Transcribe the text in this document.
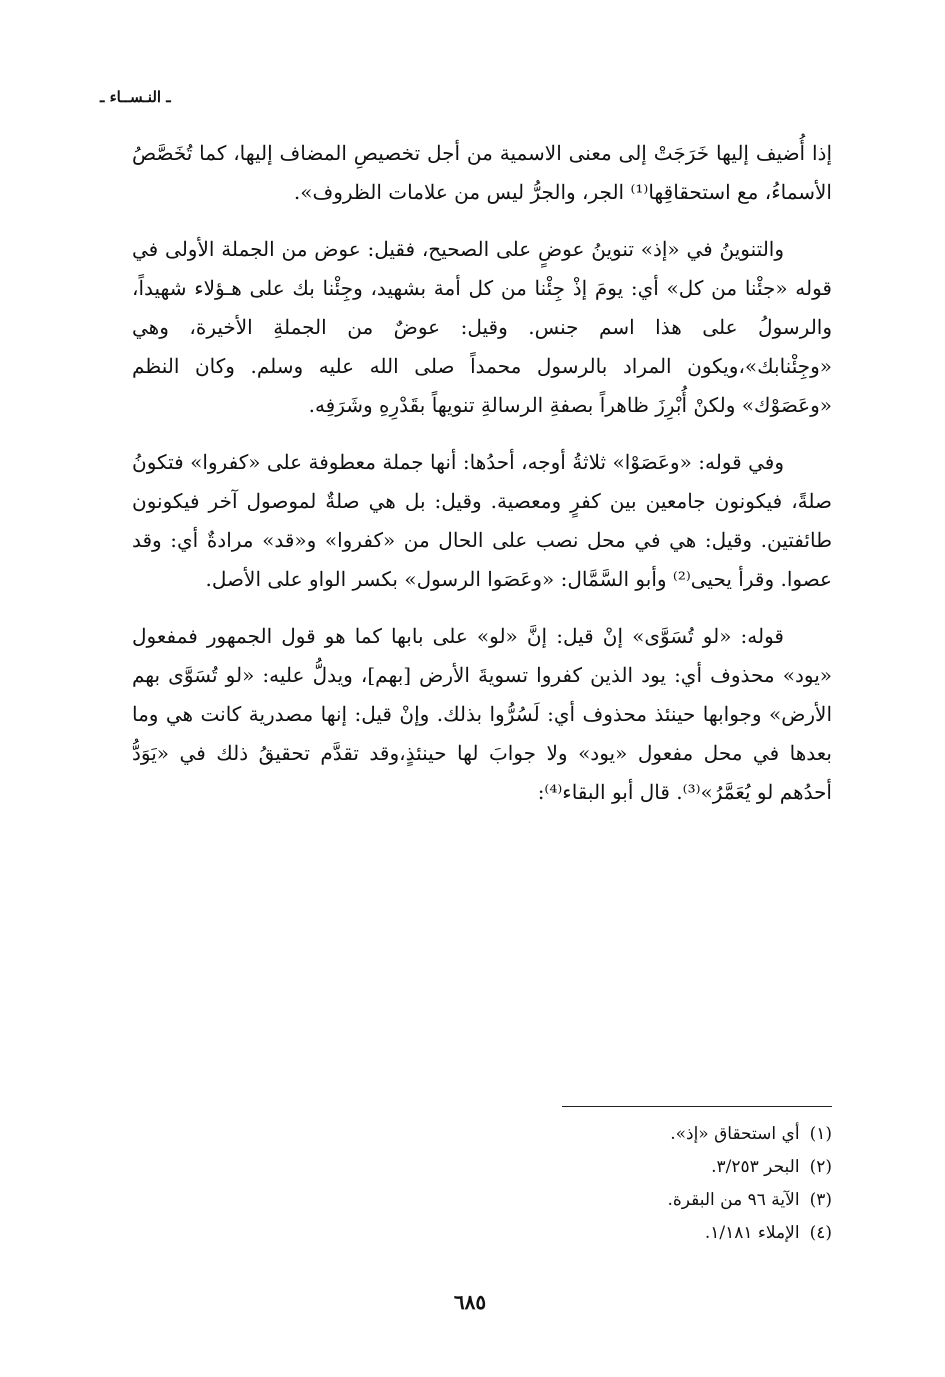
ـ النـســاء ـ

إذا أُضيف إليها خَرَجَتْ إلى معنى الاسمية من أجل تخصيصِ المضاف إليها، كما تُخَصَّصُ الأسماءُ، مع استحقاقِها⁽¹⁾ الجر، والجرُّ ليس من علامات الظروف».

والتنوينُ في «إذ» تنوينُ عوضٍ على الصحيح، فقيل: عوض من الجملة الأولى في قوله «جئْنا من كل» أي: يومَ إذْ جِئْنا من كل أمة بشهيد، وجِئْنا بك على هـؤلاء شهيداً، والرسولُ على هذا اسم جنس. وقيل: عوضٌ من الجملةِ الأخيرة، وهي «وجِئْنابك»،ويكون المراد بالرسول محمداً صلى الله عليه وسلم. وكان النظم «وعَصَوْك» ولكنْ أُبْرِزَ ظاهراً بصفةِ الرسالةِ تنويهاً بقَدْرِهِ وشَرَفِه.

وفي قوله: «وعَصَوْا» ثلاثةُ أوجه، أحدُها: أنها جملة معطوفة على «كفروا» فتكونُ صلةً، فيكونون جامعين بين كفرٍ ومعصية. وقيل: بل هي صلةٌ لموصول آخر فيكونون طائفتين. وقيل: هي في محل نصب على الحال من «كفروا» و«قد» مرادةٌ أي: وقد عصوا. وقرأ يحيى⁽²⁾ وأبو السَّمَّال: «وعَصَوا الرسول» بكسر الواو على الأصل.

قوله: «لو تُسَوَّى» إنْ قيل: إنَّ «لو» على بابها كما هو قول الجمهور فمفعول «يود» محذوف أي: يود الذين كفروا تسويةَ الأرض [بهم]، ويدلُّ عليه: «لو تُسَوَّى بهم الأرض» وجوابها حينئذ محذوف أي: لَسُرُّوا بذلك. وإنْ قيل: إنها مصدرية كانت هي وما بعدها في محل مفعول «يود» ولا جوابَ لها حينئذٍ،وقد تقدَّم تحقيقُ ذلك في «يَوَدُّ أحدُهم لو يُعَمَّرُ»⁽³⁾. قال أبو البقاء⁽⁴⁾:

(١)
أي استحقاق «إذ».
(٢)
البحر ٣/٢٥٣.
(٣)
الآية ٩٦ من البقرة.
(٤)
الإملاء ١/١٨١.
٦٨٥
